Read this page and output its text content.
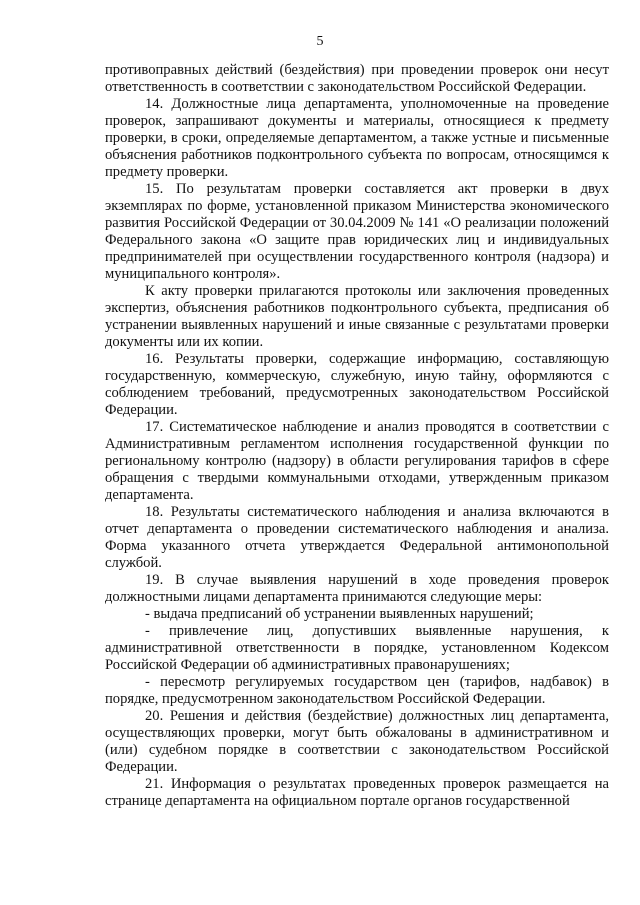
5

противоправных действий (бездействия) при проведении проверок они несут ответственность в соответствии с законодательством Российской Федерации.

14. Должностные лица департамента, уполномоченные на проведение проверок, запрашивают документы и материалы, относящиеся к предмету проверки, в сроки, определяемые департаментом, а также устные и письменные объяснения работников подконтрольного субъекта по вопросам, относящимся к предмету проверки.

15. По результатам проверки составляется акт проверки в двух экземплярах по форме, установленной приказом Министерства экономического развития Российской Федерации от 30.04.2009 № 141 «О реализации положений Федерального закона «О защите прав юридических лиц и индивидуальных предпринимателей при осуществлении государственного контроля (надзора) и муниципального контроля».

К акту проверки прилагаются протоколы или заключения проведенных экспертиз, объяснения работников подконтрольного субъекта, предписания об устранении выявленных нарушений и иные связанные с результатами проверки документы или их копии.

16. Результаты проверки, содержащие информацию, составляющую государственную, коммерческую, служебную, иную тайну, оформляются с соблюдением требований, предусмотренных законодательством Российской Федерации.

17. Систематическое наблюдение и анализ проводятся в соответствии с Административным регламентом исполнения государственной функции по региональному контролю (надзору) в области регулирования тарифов в сфере обращения с твердыми коммунальными отходами, утвержденным приказом департамента.

18. Результаты систематического наблюдения и анализа включаются в отчет департамента о проведении систематического наблюдения и анализа. Форма указанного отчета утверждается Федеральной антимонопольной службой.

19. В случае выявления нарушений в ходе проведения проверок должностными лицами департамента принимаются следующие меры:

- выдача предписаний об устранении выявленных нарушений;

- привлечение лиц, допустивших выявленные нарушения, к административной ответственности в порядке, установленном Кодексом Российской Федерации об административных правонарушениях;

- пересмотр регулируемых государством цен (тарифов, надбавок) в порядке, предусмотренном законодательством Российской Федерации.

20. Решения и действия (бездействие) должностных лиц департамента, осуществляющих проверки, могут быть обжалованы в административном и (или) судебном порядке в соответствии с законодательством Российской Федерации.

21. Информация о результатах проведенных проверок размещается на странице департамента на официальном портале органов государственной
